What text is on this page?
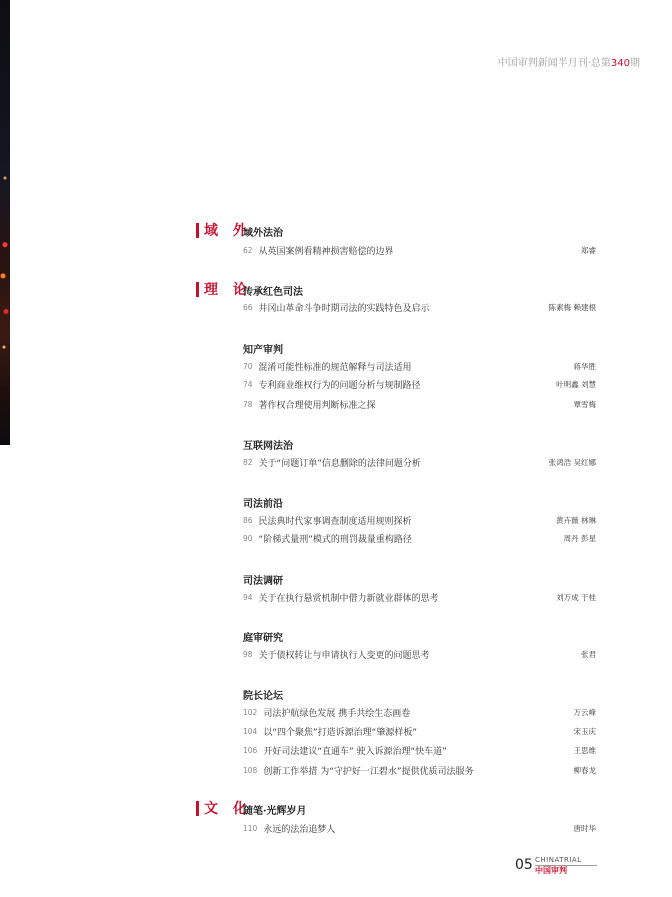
中国审判新闻半月刊·总第340期
域 外
理 论
文 化
域外法治
传承红色司法
知产审判
互联网法治
司法前沿
司法调研
庭审研究
院长论坛
随笔·光辉岁月
62 从英国案例看精神损害赔偿的边界	郑睿
66 井冈山革命斗争时期司法的实践特色及启示	陈素梅 赖建根
70 混淆可能性标准的规范解释与司法适用	蒋华胜
74 专利商业维权行为的问题分析与规制路径	叶明鑫 刘慧
78 著作权合理使用判断标准之探	覃雪梅
82 关于“问题订单”信息删除的法律问题分析	张鸿浩 吴红娜
86 民法典时代家事调查制度适用规则探析	黄卉薇 林琳
90 “阶梯式量刑”模式的刑罚裁量重构路径	周丹 彭星
94 关于在执行悬赏机制中借力新就业群体的思考	刘万成 于桂
98 关于债权转让与申请执行人变更的问题思考	张君
102 司法护航绿色发展 携手共绘生态画卷	万云峰
104 以“四个聚焦”打造诉源治理“肇源样板”	宋玉庆
106 开好司法建议“直通车” 驶入诉源治理“快车道”	王思维
108 创新工作举措 为“守护好一江碧水”提供优质司法服务	柳春龙
110 永远的法治追梦人	唐时华
05 CHINATRIAL
中国审判
